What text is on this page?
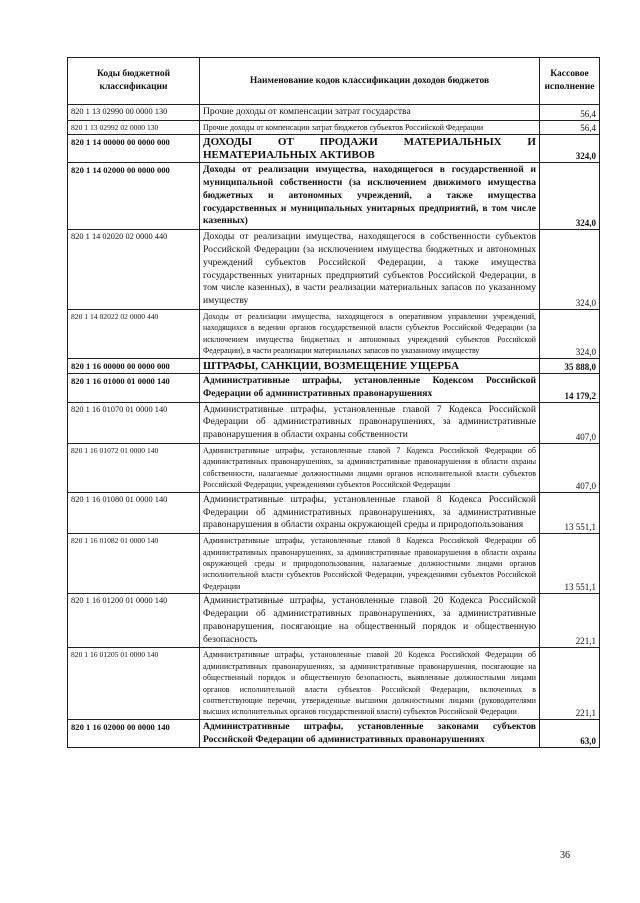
Коды бюджетной классификации	Наименование кодов классификации доходов бюджетов	Кассовое исполнение
820 1 13 02990 00 0000 130	Прочие доходы от компенсации затрат государства	56,4
820 1 13 02992 02 0000 130	Прочие доходы от компенсации затрат бюджетов субъектов Российской Федерации	56,4
820 1 14 00000 00 0000 000	ДОХОДЫ ОТ ПРОДАЖИ МАТЕРИАЛЬНЫХ И НЕМАТЕРИАЛЬНЫХ АКТИВОВ	324,0
820 1 14 02000 00 0000 000	Доходы от реализации имущества, находящегося в государственной и муниципальной собственности (за исключением движимого имущества бюджетных и автономных учреждений, а также имущества государственных и муниципальных унитарных предприятий, в том числе казенных)	324,0
820 1 14 02020 02 0000 440	Доходы от реализации имущества, находящегося в собственности субъектов Российской Федерации (за исключением имущества бюджетных и автономных учреждений субъектов Российской Федерации, а также имущества государственных унитарных предприятий субъектов Российской Федерации, в том числе казенных), в части реализации материальных запасов по указанному имуществу	324,0
820 1 14 02022 02 0000 440	Доходы от реализации имущества, находящегося в оперативном управлении учреждений, находящихся в ведении органов государственной власти субъектов Российской Федерации (за исключением имущества бюджетных и автономных учреждений субъектов Российской Федерации), в части реализации материальных запасов по указанному имуществу	324,0
820 1 16 00000 00 0000 000	ШТРАФЫ, САНКЦИИ, ВОЗМЕЩЕНИЕ УЩЕРБА	35 888,0
820 1 16 01000 01 0000 140	Административные штрафы, установленные Кодексом Российской Федерации об административных правонарушениях	14 179,2
820 1 16 01070 01 0000 140	Административные штрафы, установленные главой 7 Кодекса Российской Федерации об административных правонарушениях, за административные правонарушения в области охраны собственности	407,0
820 1 16 01072 01 0000 140	Административные штрафы, установленные главой 7 Кодекса Российской Федерации об административных правонарушениях, за административные правонарушения в области охраны собственности, налагаемые должностными лицами органов исполнительной власти субъектов Российской Федерации, учреждениями субъектов Российской Федерации	407,0
820 1 16 01080 01 0000 140	Административные штрафы, установленные главой 8 Кодекса Российской Федерации об административных правонарушениях, за административные правонарушения в области охраны окружающей среды и природопользования	13 551,1
820 1 16 01082 01 0000 140	Административные штрафы, установленные главой 8 Кодекса Российской Федерации об административных правонарушениях, за административные правонарушения в области охраны окружающей среды и природопользования, налагаемые должностными лицами органов исполнительной власти субъектов Российской Федерации, учреждениями субъектов Российской Федерации	13 551,1
820 1 16 01200 01 0000 140	Административные штрафы, установленные главой 20 Кодекса Российской Федерации об административных правонарушениях, за административные правонарушения, посягающие на общественный порядок и общественную безопасность	221,1
820 1 16 01205 01 0000 140	Административные штрафы, установленные главой 20 Кодекса Российской Федерации об административных правонарушениях, за административные правонарушения, посягающие на общественный порядок и общественную безопасность, выявленные должностными лицами органов исполнительной власти субъектов Российской Федерации, включенных в соответствующие перечни, утвержденные высшими должностными лицами (руководителями высших исполнительных органов государственной власти) субъектов Российской Федерации	221,1
820 1 16 02000 00 0000 140	Административные штрафы, установленные законами субъектов Российской Федерации об административных правонарушениях	63,0
36
